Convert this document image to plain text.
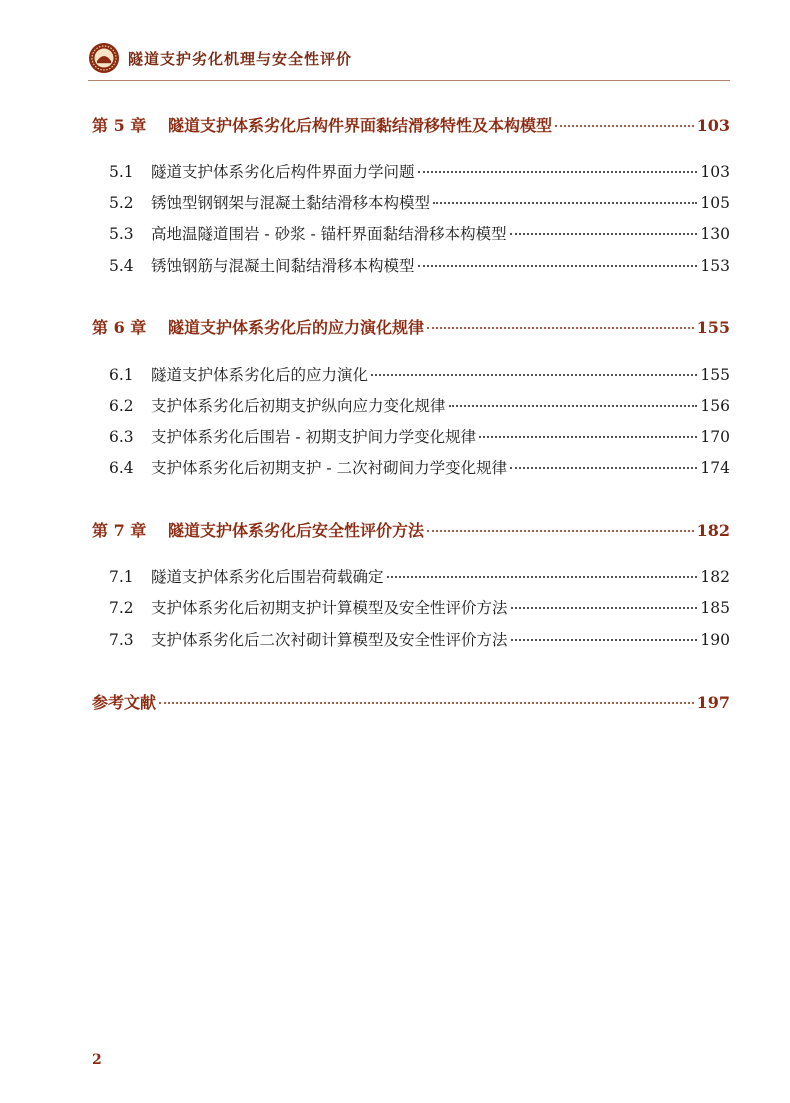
隧道支护劣化机理与安全性评价
第 5 章	隧道支护体系劣化后构件界面黏结滑移特性及本构模型	103
5.1	隧道支护体系劣化后构件界面力学问题	103
5.2	锈蚀型钢钢架与混凝土黏结滑移本构模型	105
5.3	高地温隧道围岩 - 砂浆 - 锚杆界面黏结滑移本构模型	130
5.4	锈蚀钢筋与混凝土间黏结滑移本构模型	153
第 6 章	隧道支护体系劣化后的应力演化规律	155
6.1	隧道支护体系劣化后的应力演化	155
6.2	支护体系劣化后初期支护纵向应力变化规律	156
6.3	支护体系劣化后围岩 - 初期支护间力学变化规律	170
6.4	支护体系劣化后初期支护 - 二次衬砌间力学变化规律	174
第 7 章	隧道支护体系劣化后安全性评价方法	182
7.1	隧道支护体系劣化后围岩荷载确定	182
7.2	支护体系劣化后初期支护计算模型及安全性评价方法	185
7.3	支护体系劣化后二次衬砌计算模型及安全性评价方法	190
参考文献	197
2
